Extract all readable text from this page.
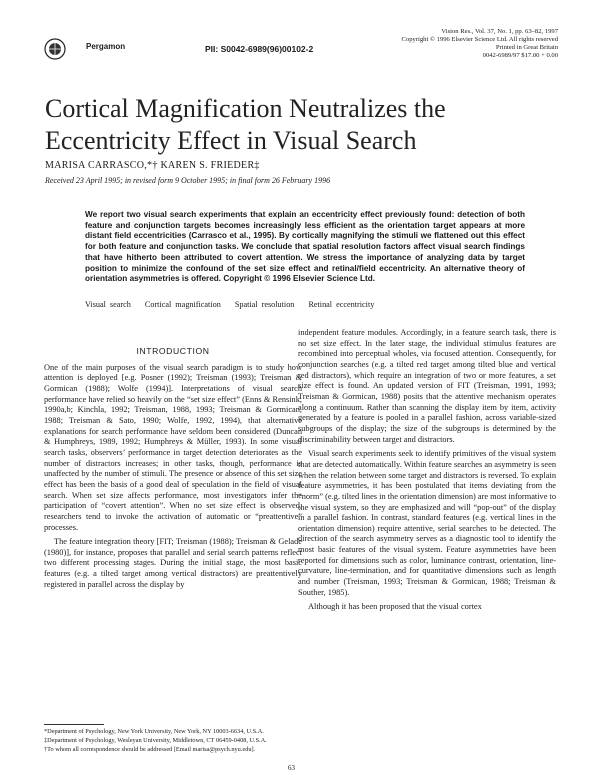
Pergamon	PII: S0042-6989(96)00102-2
Vision Res., Vol. 37, No. 1, pp. 63–82, 1997
Copyright © 1996 Elsevier Science Ltd. All rights reserved
Printed in Great Britain
0042-6989/97 $17.00 + 0.00
Cortical Magnification Neutralizes the
Eccentricity Effect in Visual Search
MARISA CARRASCO,*† KAREN S. FRIEDER‡
Received 23 April 1995; in revised form 9 October 1995; in final form 26 February 1996
We report two visual search experiments that explain an eccentricity effect previously found: detection of both feature and conjunction targets becomes increasingly less efficient as the orientation target appears at more distant field eccentricities (Carrasco et al., 1995). By cortically magnifying the stimuli we flattened out this effect for both feature and conjunction tasks. We conclude that spatial resolution factors affect visual search findings that have hitherto been attributed to covert attention. We stress the importance of analyzing data by target position to minimize the confound of the set size effect and retinal/field eccentricity. An alternative theory of orientation asymmetries is offered. Copyright © 1996 Elsevier Science Ltd.
Visual search Cortical magnification Spatial resolution Retinal eccentricity
INTRODUCTION

One of the main purposes of the visual search paradigm is to study how attention is deployed [e.g. Posner (1992); Treisman (1993); Treisman & Gormican (1988); Wolfe (1994)]. Interpretations of visual search performance have relied so heavily on the “set size effect” (Enns & Rensink, 1990a,b; Kinchla, 1992; Treisman, 1988, 1993; Treisman & Gormican, 1988; Treisman & Sato, 1990; Wolfe, 1992, 1994), that alternative explanations for search performance have seldom been considered (Duncan & Humphreys, 1989, 1992; Humphreys & Müller, 1993). In some visual search tasks, observers’ performance in target detection deteriorates as the number of distractors increases; in other tasks, though, performance is unaffected by the number of stimuli. The presence or absence of this set size effect has been the basis of a good deal of speculation in the field of visual search. When set size affects performance, most investigators infer the participation of “covert attention”. When no set size effect is observed, researchers tend to invoke the activation of automatic or “preattentive” processes.

The feature integration theory [FIT; Treisman (1988); Treisman & Gelade (1980)], for instance, proposes that parallel and serial search patterns reflect two different processing stages. During the initial stage, the most basic features (e.g. a tilted target among vertical distractors) are preattentively registered in parallel across the display by

independent feature modules. Accordingly, in a feature search task, there is no set size effect. In the later stage, the individual stimulus features are recombined into perceptual wholes, via focused attention. Consequently, for conjunction searches (e.g. a tilted red target among tilted blue and vertical red distractors), which require an integration of two or more features, a set size effect is found. An updated version of FIT (Treisman, 1991, 1993; Treisman & Gormican, 1988) posits that the attentive mechanism operates along a continuum. Rather than scanning the display item by item, activity generated by a feature is pooled in a parallel fashion, across variable-sized subgroups of the display; the size of the subgroups is determined by the discriminability between target and distractors.

Visual search experiments seek to identify primitives of the visual system that are detected automatically. Within feature searches an asymmetry is seen when the relation between some target and distractors is reversed. To explain feature asymmetries, it has been postulated that items deviating from the “norm” (e.g. tilted lines in the orientation dimension) are most informative to the visual system, so they are emphasized and will “pop-out” of the display in a parallel fashion. In contrast, standard features (e.g. vertical lines in the orientation dimension) require attentive, serial searches to be detected. The direction of the search asymmetry serves as a diagnostic tool to identify the most basic features of the visual system. Feature asymmetries have been reported for dimensions such as color, luminance contrast, orientation, line-curvature, line-termination, and for quantitative dimensions such as length and number (Treisman, 1993; Treisman & Gormican, 1988; Treisman & Souther, 1985).

Although it has been proposed that the visual cortex

*Department of Psychology, New York University, New York, NY 10003-6634, U.S.A.
‡Department of Psychology, Wesleyan University, Middletown, CT 06459-0408, U.S.A.
†To whom all correspondence should be addressed [Email marisa@psych.nyu.edu].
63
